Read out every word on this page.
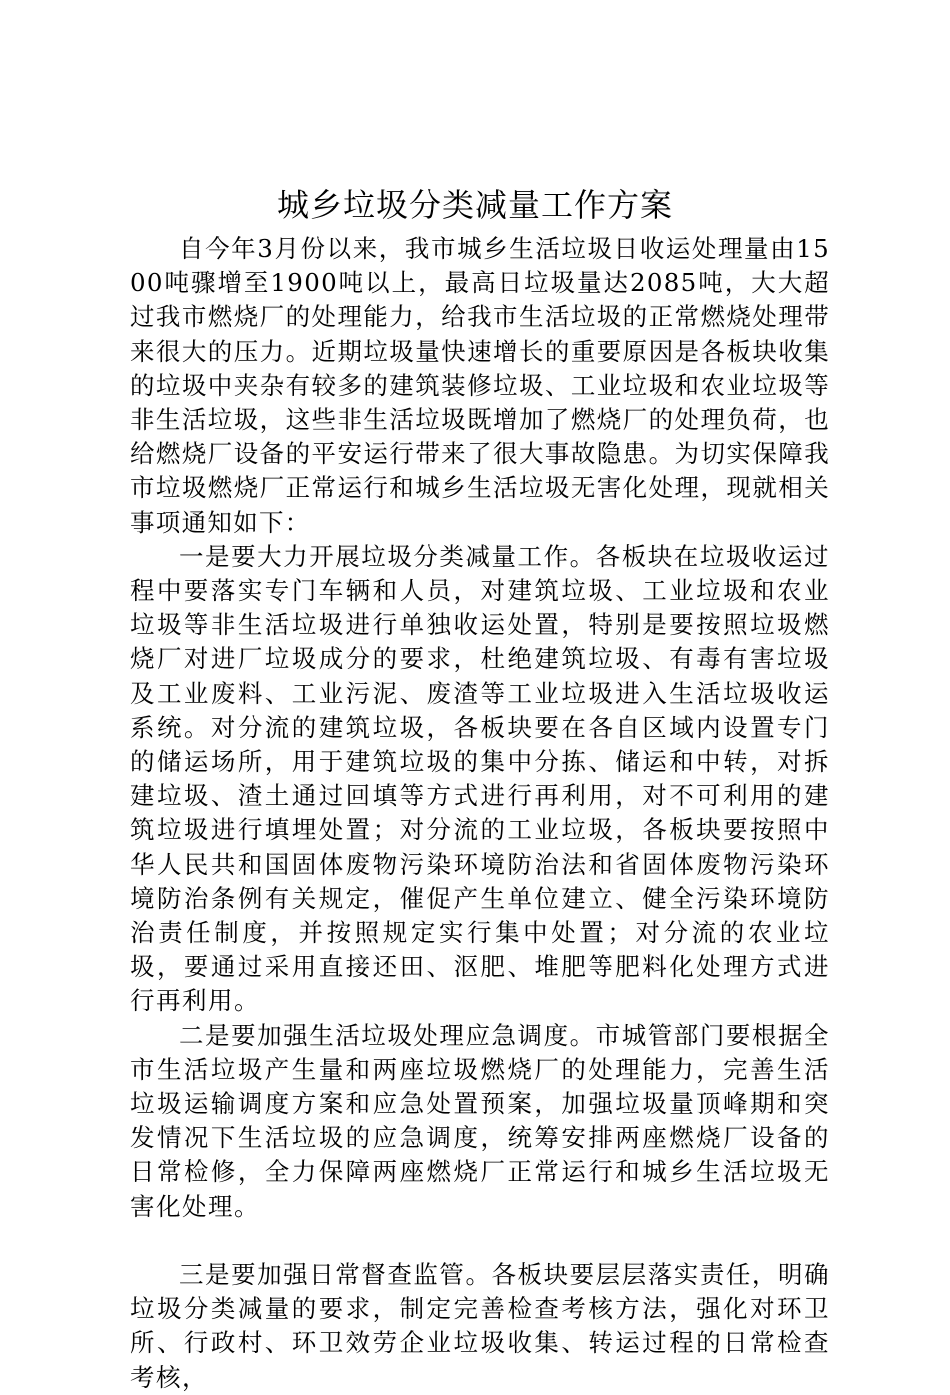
城乡垃圾分类减量工作方案

自今年3月份以来，我市城乡生活垃圾日收运处理量由1500吨骤增至1900吨以上，最高日垃圾量达2085吨，大大超过我市燃烧厂的处理能力，给我市生活垃圾的正常燃烧处理带来很大的压力。近期垃圾量快速增长的重要原因是各板块收集的垃圾中夹杂有较多的建筑装修垃圾、工业垃圾和农业垃圾等非生活垃圾，这些非生活垃圾既增加了燃烧厂的处理负荷，也给燃烧厂设备的平安运行带来了很大事故隐患。为切实保障我市垃圾燃烧厂正常运行和城乡生活垃圾无害化处理，现就相关事项通知如下：

一是要大力开展垃圾分类减量工作。各板块在垃圾收运过程中要落实专门车辆和人员，对建筑垃圾、工业垃圾和农业垃圾等非生活垃圾进行单独收运处置，特别是要按照垃圾燃烧厂对进厂垃圾成分的要求，杜绝建筑垃圾、有毒有害垃圾及工业废料、工业污泥、废渣等工业垃圾进入生活垃圾收运系统。对分流的建筑垃圾，各板块要在各自区域内设置专门的储运场所，用于建筑垃圾的集中分拣、储运和中转，对拆建垃圾、渣土通过回填等方式进行再利用，对不可利用的建筑垃圾进行填埋处置；对分流的工业垃圾，各板块要按照中华人民共和国固体废物污染环境防治法和省固体废物污染环境防治条例有关规定，催促产生单位建立、健全污染环境防治责任制度，并按照规定实行集中处置；对分流的农业垃圾，要通过采用直接还田、沤肥、堆肥等肥料化处理方式进行再利用。

二是要加强生活垃圾处理应急调度。市城管部门要根据全市生活垃圾产生量和两座垃圾燃烧厂的处理能力，完善生活垃圾运输调度方案和应急处置预案，加强垃圾量顶峰期和突发情况下生活垃圾的应急调度，统筹安排两座燃烧厂设备的日常检修，全力保障两座燃烧厂正常运行和城乡生活垃圾无害化处理。

三是要加强日常督查监管。各板块要层层落实责任，明确垃圾分类减量的要求，制定完善检查考核方法，强化对环卫所、行政村、环卫效劳企业垃圾收集、转运过程的日常检查考核，
